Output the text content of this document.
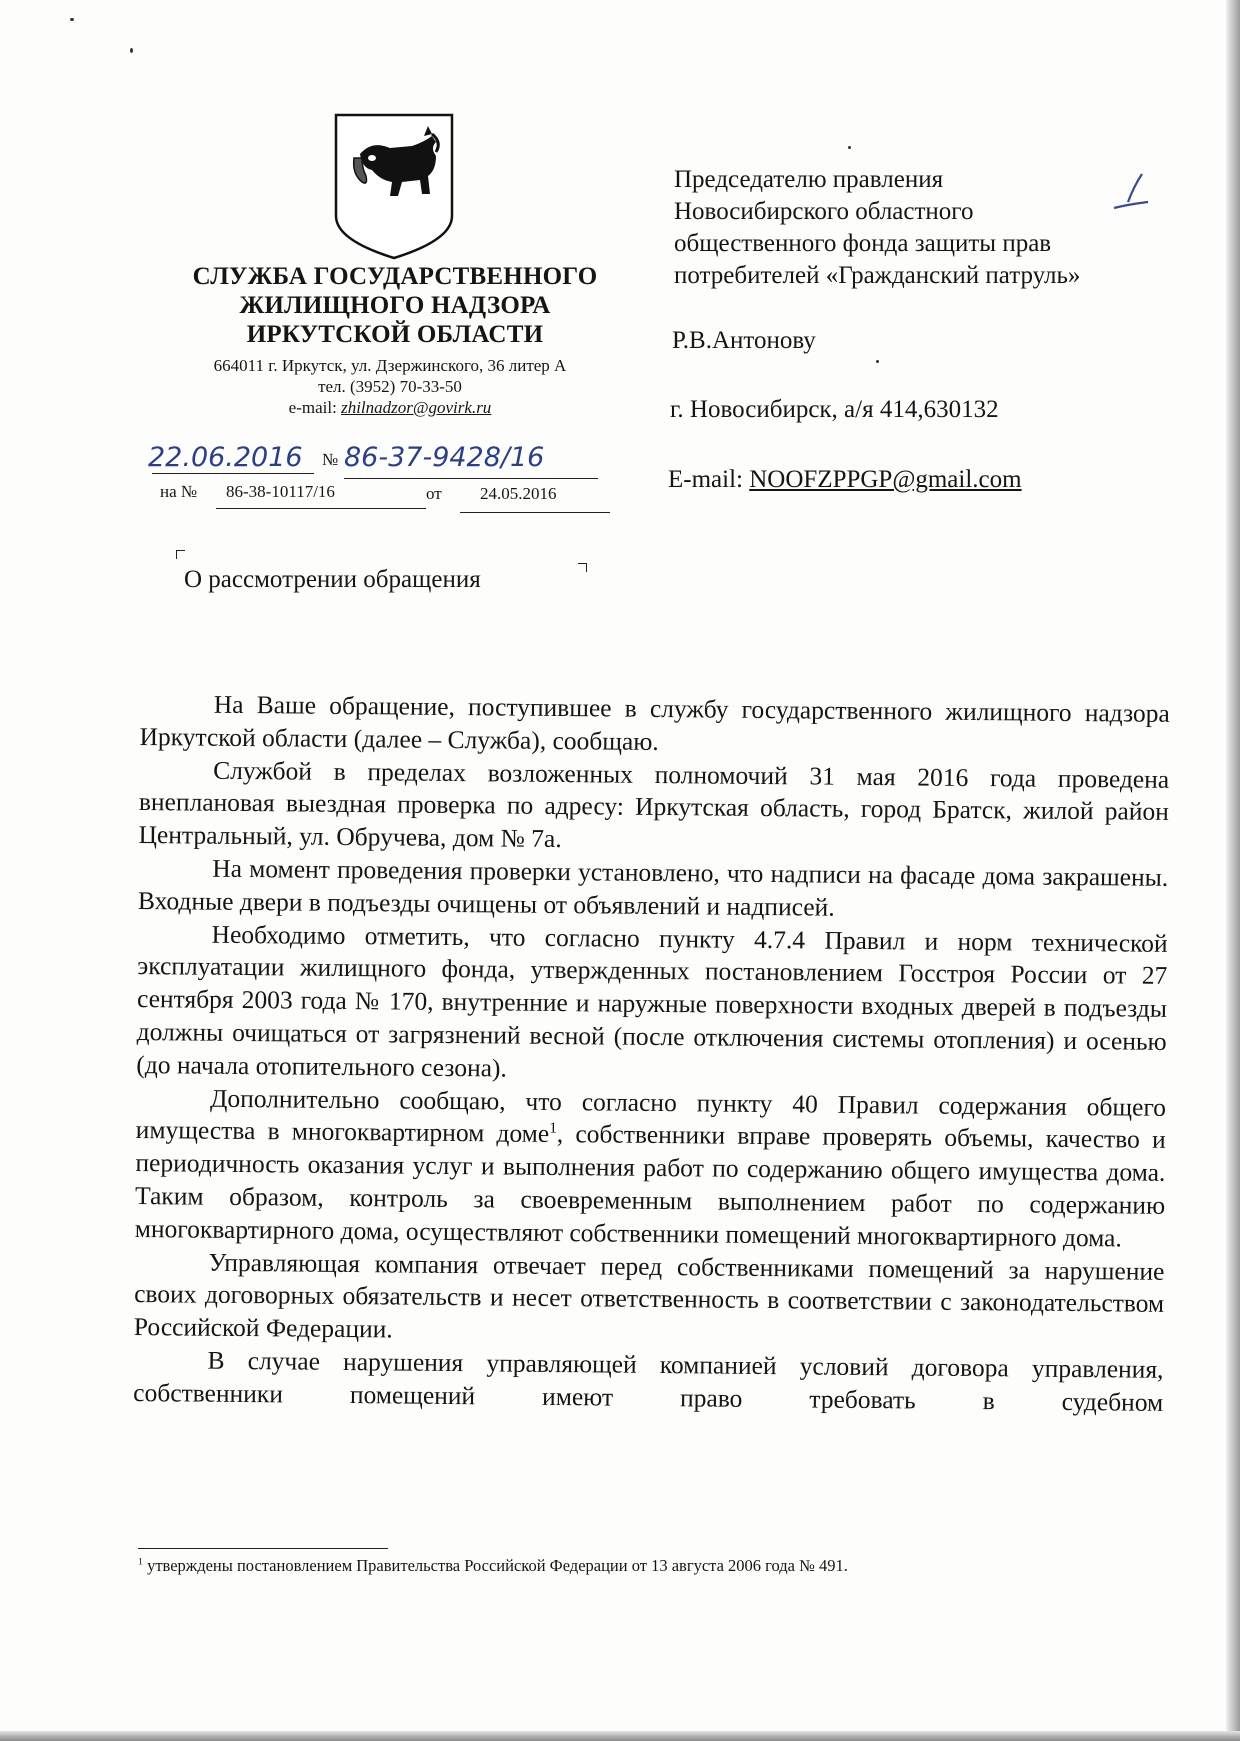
СЛУЖБА ГОСУДАРСТВЕННОГО
ЖИЛИЩНОГО НАДЗОРА
ИРКУТСКОЙ ОБЛАСТИ
664011 г. Иркутск, ул. Дзержинского, 36 литер А
тел. (3952) 70-33-50
e-mail: zhilnadzor@govirk.ru
22.06.2016	№ 86-37-9428/16
на № 86-38-10117/16	от 24.05.2016
Председателю правления
Новосибирского областного
общественного фонда защиты прав
потребителей «Гражданский патруль»
Р.В.Антонову
г. Новосибирск, а/я 414,630132
E-mail: NOOFZPPGP@gmail.com
О рассмотрении обращения

На Ваше обращение, поступившее в службу государственного жилищного надзора Иркутской области (далее – Служба), сообщаю.

Службой в пределах возложенных полномочий 31 мая 2016 года проведена внеплановая выездная проверка по адресу: Иркутская область, город Братск, жилой район Центральный, ул. Обручева, дом № 7а.

На момент проведения проверки установлено, что надписи на фасаде дома закрашены. Входные двери в подъезды очищены от объявлений и надписей.

Необходимо отметить, что согласно пункту 4.7.4 Правил и норм технической эксплуатации жилищного фонда, утвержденных постановлением Госстроя России от 27 сентября 2003 года № 170, внутренние и наружные поверхности входных дверей в подъезды должны очищаться от загрязнений весной (после отключения системы отопления) и осенью (до начала отопительного сезона).

Дополнительно сообщаю, что согласно пункту 40 Правил содержания общего имущества в многоквартирном доме$^1$, собственники вправе проверять объемы, качество и периодичность оказания услуг и выполнения работ по содержанию общего имущества дома. Таким образом, контроль за своевременным выполнением работ по содержанию многоквартирного дома, осуществляют собственники помещений многоквартирного дома.

Управляющая компания отвечает перед собственниками помещений за нарушение своих договорных обязательств и несет ответственность в соответствии с законодательством Российской Федерации.

В случае нарушения управляющей компанией условий договора управления, собственники помещений имеют право требовать в судебном

$^1$ утверждены постановлением Правительства Российской Федерации от 13 августа 2006 года № 491.
